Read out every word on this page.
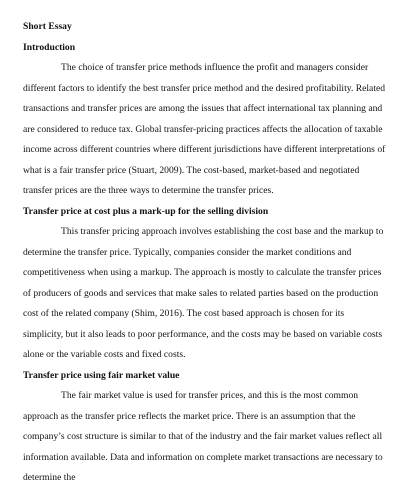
Short Essay
Introduction

The choice of transfer price methods influence the profit and managers consider different factors to identify the best transfer price method and the desired profitability. Related transactions and transfer prices are among the issues that affect international tax planning and are considered to reduce tax. Global transfer-pricing practices affects the allocation of taxable income across different countries where different jurisdictions have different interpretations of what is a fair transfer price (Stuart, 2009). The cost-based, market-based and negotiated transfer prices are the three ways to determine the transfer prices.

Transfer price at cost plus a mark-up for the selling division

This transfer pricing approach involves establishing the cost base and the markup to determine the transfer price. Typically, companies consider the market conditions and competitiveness when using a markup. The approach is mostly to calculate the transfer prices of producers of goods and services that make sales to related parties based on the production cost of the related company (Shim, 2016). The cost based approach is chosen for its simplicity, but it also leads to poor performance, and the costs may be based on variable costs alone or the variable costs and fixed costs.

Transfer price using fair market value

The fair market value is used for transfer prices, and this is the most common approach as the transfer price reflects the market price. There is an assumption that the company’s cost structure is similar to that of the industry and the fair market values reflect all information available. Data and information on complete market transactions are necessary to determine the
